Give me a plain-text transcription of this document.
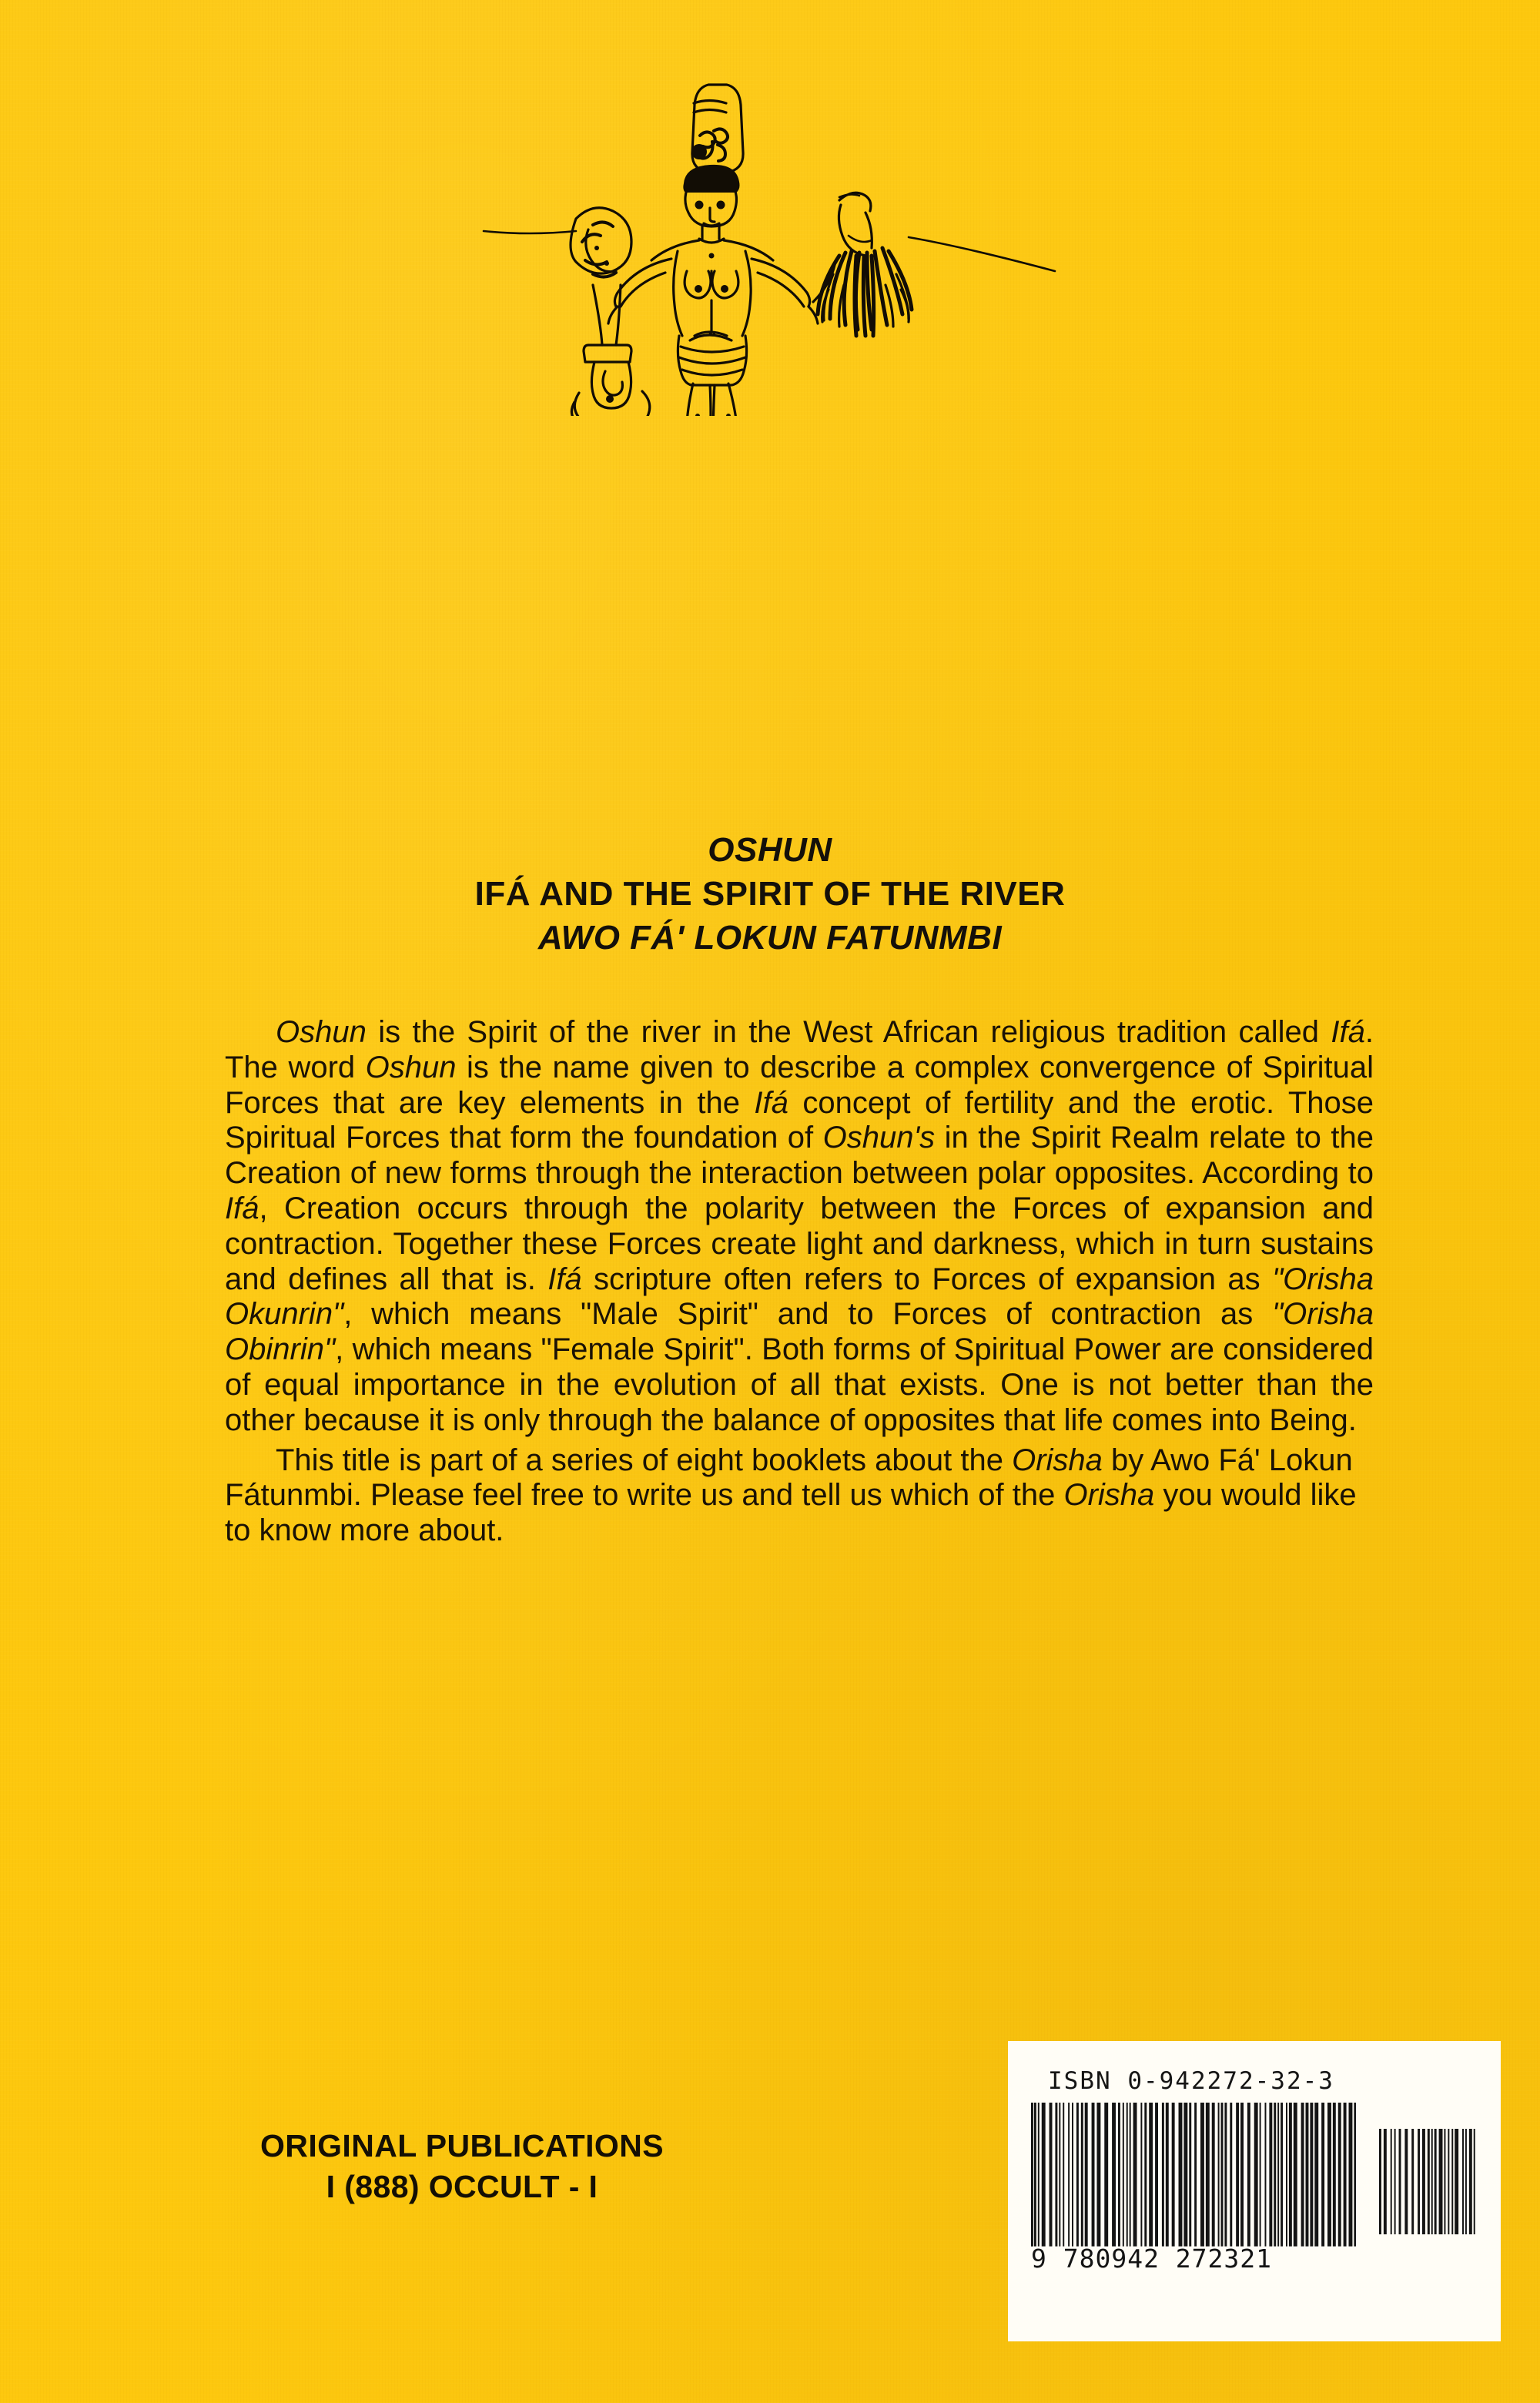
OSHUN
IFÁ AND THE SPIRIT OF THE RIVER
AWO FÁ' LOKUN FATUNMBI

Oshun is the Spirit of the river in the West African religious tradition called Ifá. The word Oshun is the name given to describe a complex convergence of Spiritual Forces that are key elements in the Ifá concept of fertility and the erotic. Those Spiritual Forces that form the foundation of Oshun's in the Spirit Realm relate to the Creation of new forms through the interaction between polar opposites. According to Ifá, Creation occurs through the polarity between the Forces of expansion and contraction. Together these Forces create light and darkness, which in turn sustains and defines all that is. Ifá scripture often refers to Forces of expansion as "Orisha Okunrin", which means "Male Spirit" and to Forces of contraction as "Orisha Obinrin", which means "Female Spirit". Both forms of Spiritual Power are considered of equal importance in the evolution of all that exists. One is not better than the other because it is only through the balance of opposites that life comes into Being.

This title is part of a series of eight booklets about the Orisha by Awo Fá' Lokun Fátunmbi. Please feel free to write us and tell us which of the Orisha you would like to know more about.

ORIGINAL PUBLICATIONS
I (888) OCCULT - I
ISBN 0-942272-32-3
9 780942 272321
